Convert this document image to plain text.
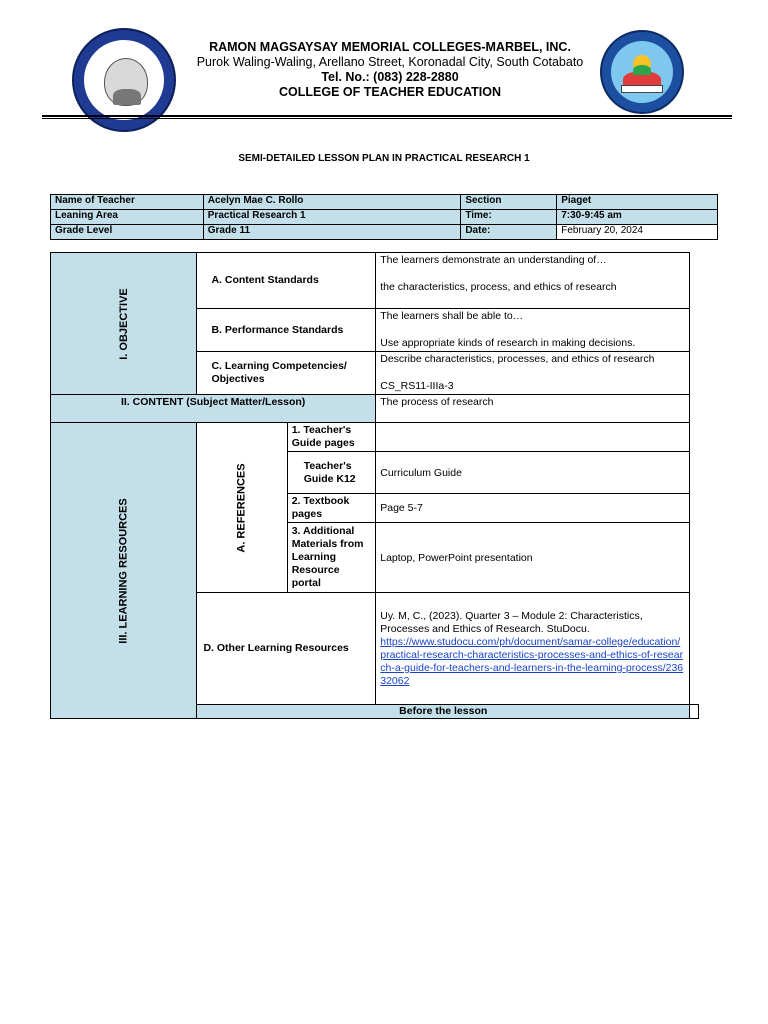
RAMON MAGSAYSAY MEMORIAL COLLEGES-MARBEL, INC.
Purok Waling-Waling, Arellano Street, Koronadal City, South Cotabato
Tel. No.: (083) 228-2880
COLLEGE OF TEACHER EDUCATION
SEMI-DETAILED LESSON PLAN IN PRACTICAL RESEARCH 1
Name of Teacher	Acelyn Mae C. Rollo	Section	Piaget
Leaning Area	Practical Research 1	Time:	7:30-9:45 am
Grade Level	Grade 11	Date:	February 20, 2024
I. OBJECTIVE	A. Content Standards		The learners demonstrate an understanding of…
the characteristics, process, and ethics of research	
	B. Performance Standards		The learners shall be able to…
Use appropriate kinds of research in making decisions.	
	C. Learning Competencies/ Objectives		Describe characteristics, processes, and ethics of research
CS_RS11-IIIa-3	
II. CONTENT (Subject Matter/Lesson)			The process of research	
III. LEARNING RESOURCES	A. REFERENCES	1. Teacher's Guide pages		
		Teacher's Guide K12	Curriculum Guide	
		2. Textbook pages	Page 5-7	
		3. Additional Materials from Learning Resource portal	Laptop, PowerPoint presentation	
	D. Other Learning Resources		Uy. M, C., (2023). Quarter 3 – Module 2: Characteristics, Processes and Ethics of Research. StuDocu.
https://www.studocu.com/ph/document/samar-college/education/practical-research-characteristics-processes-and-ethics-of-research-a-guide-for-teachers-and-learners-in-the-learning-process/23632062	
	Before the lesson			
